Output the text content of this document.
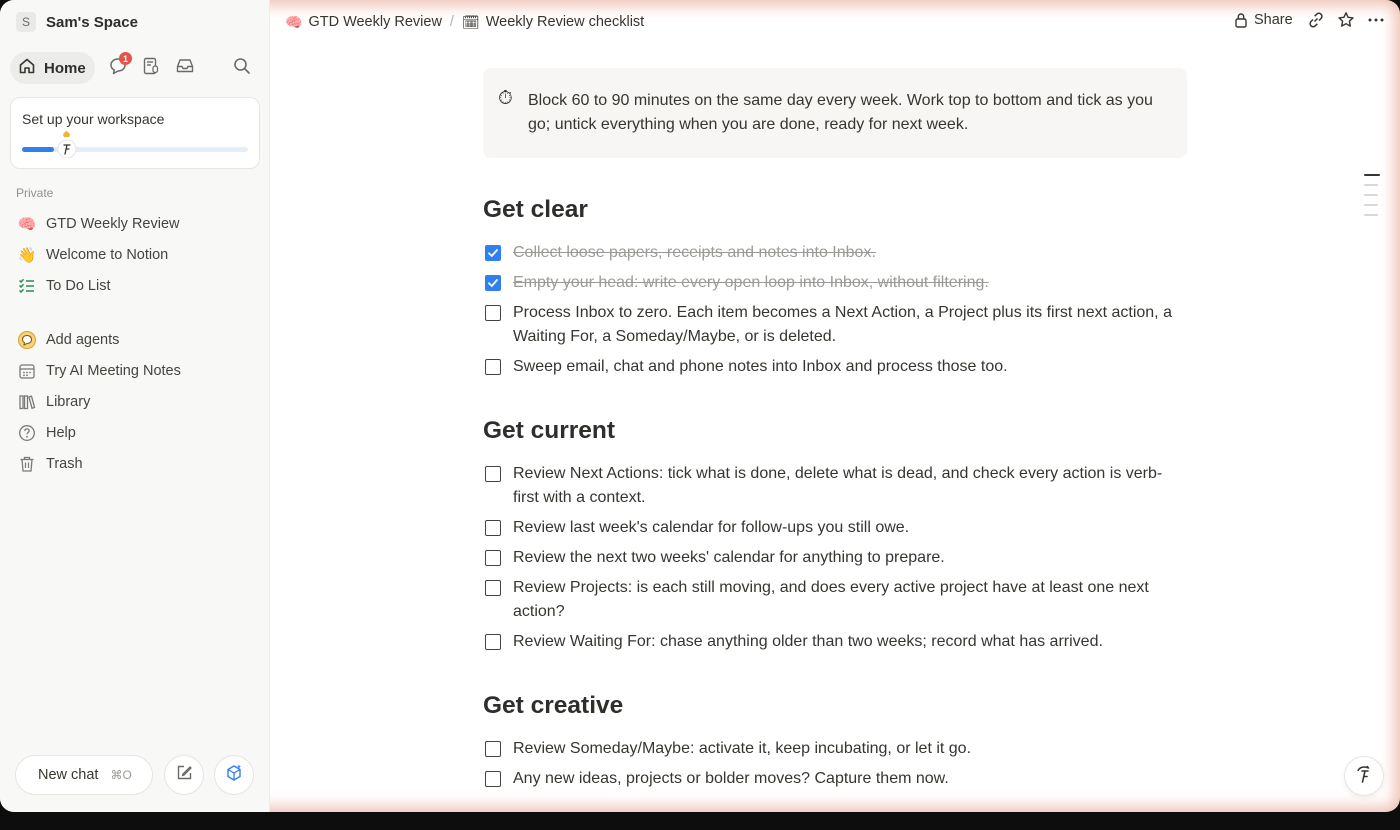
S	Sam's Space
Home
1
Set up your workspace
Private
🧠 GTD Weekly Review
👋 Welcome to Notion
To Do List
Add agents
Try AI Meeting Notes
Library
Help
Trash
New chat ⌘O
🧠 GTD Weekly Review / 🗓 Weekly Review checklist	Share
⏱ Block 60 to 90 minutes on the same day every week. Work top to bottom and tick as you go; untick everything when you are done, ready for next week.
Get clear
Collect loose papers, receipts and notes into Inbox.
Empty your head: write every open loop into Inbox, without filtering.
Process Inbox to zero. Each item becomes a Next Action, a Project plus its first next action, a Waiting For, a Someday/Maybe, or is deleted.
Sweep email, chat and phone notes into Inbox and process those too.
Get current
Review Next Actions: tick what is done, delete what is dead, and check every action is verb-first with a context.
Review last week's calendar for follow-ups you still owe.
Review the next two weeks' calendar for anything to prepare.
Review Projects: is each still moving, and does every active project have at least one next action?
Review Waiting For: chase anything older than two weeks; record what has arrived.
Get creative
Review Someday/Maybe: activate it, keep incubating, or let it go.
Any new ideas, projects or bolder moves? Capture them now.
